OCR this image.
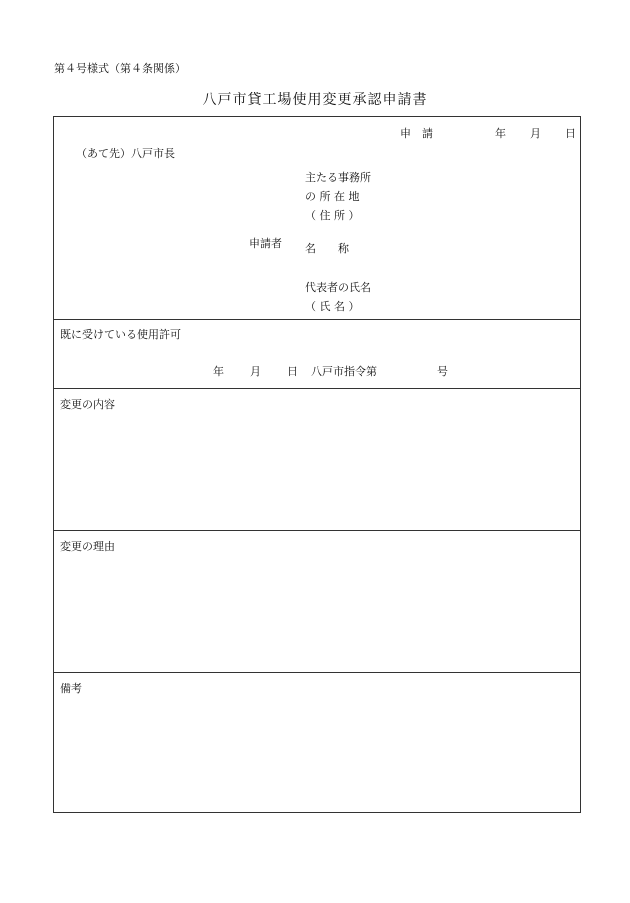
第４号様式（第４条関係）
八戸市貸工場使用変更承認申請書
申　請	年 月 日
（あて先）八戸市長
主たる事務所
の 所 在 地
（ 住 所 ）
申請者 名　　称
代表者の氏名
（ 氏 名 ）
既に受けている使用許可
年 月 日 八戸市指令第	号
変更の内容
変更の理由
備考
